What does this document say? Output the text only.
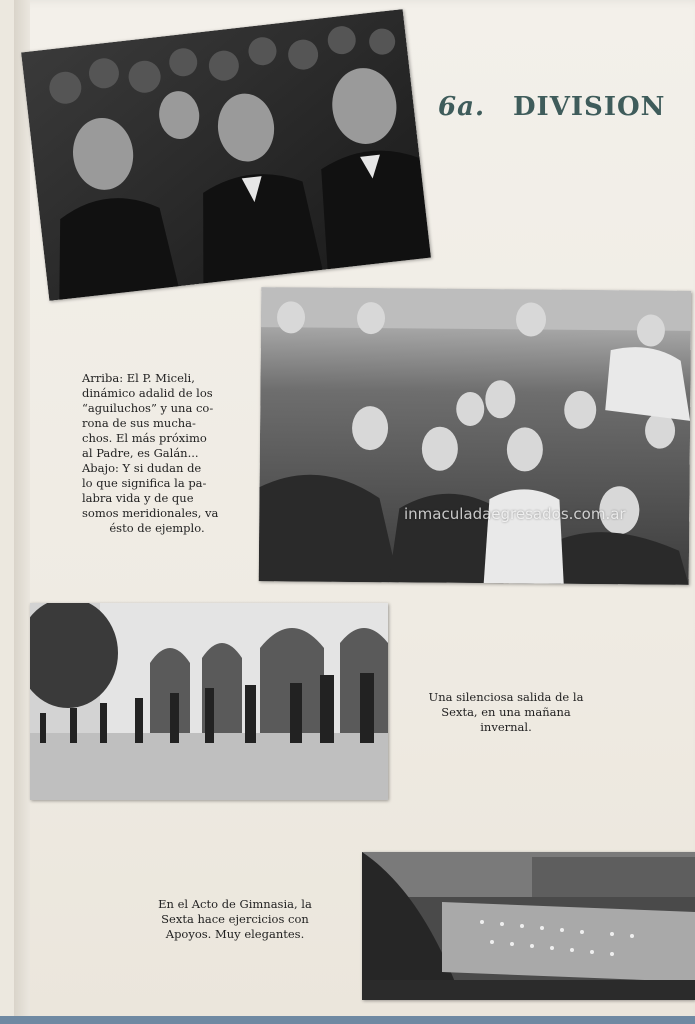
6a. DIVISION
inmaculadaegresados.com.ar

Arriba: El P. Miceli,

dinámico adalid de los

“aguiluchos” y una co-

rona de sus mucha-

chos. El más próximo

al Padre, es Galán...

Abajo: Y si dudan de

lo que significa la pa-

labra vida y de que

somos meridionales, va

ésto de ejemplo.

Una silenciosa salida de la
Sexta, en una mañana
invernal.
En el Acto de Gimnasia, la
Sexta hace ejercicios con
Apoyos. Muy elegantes.
